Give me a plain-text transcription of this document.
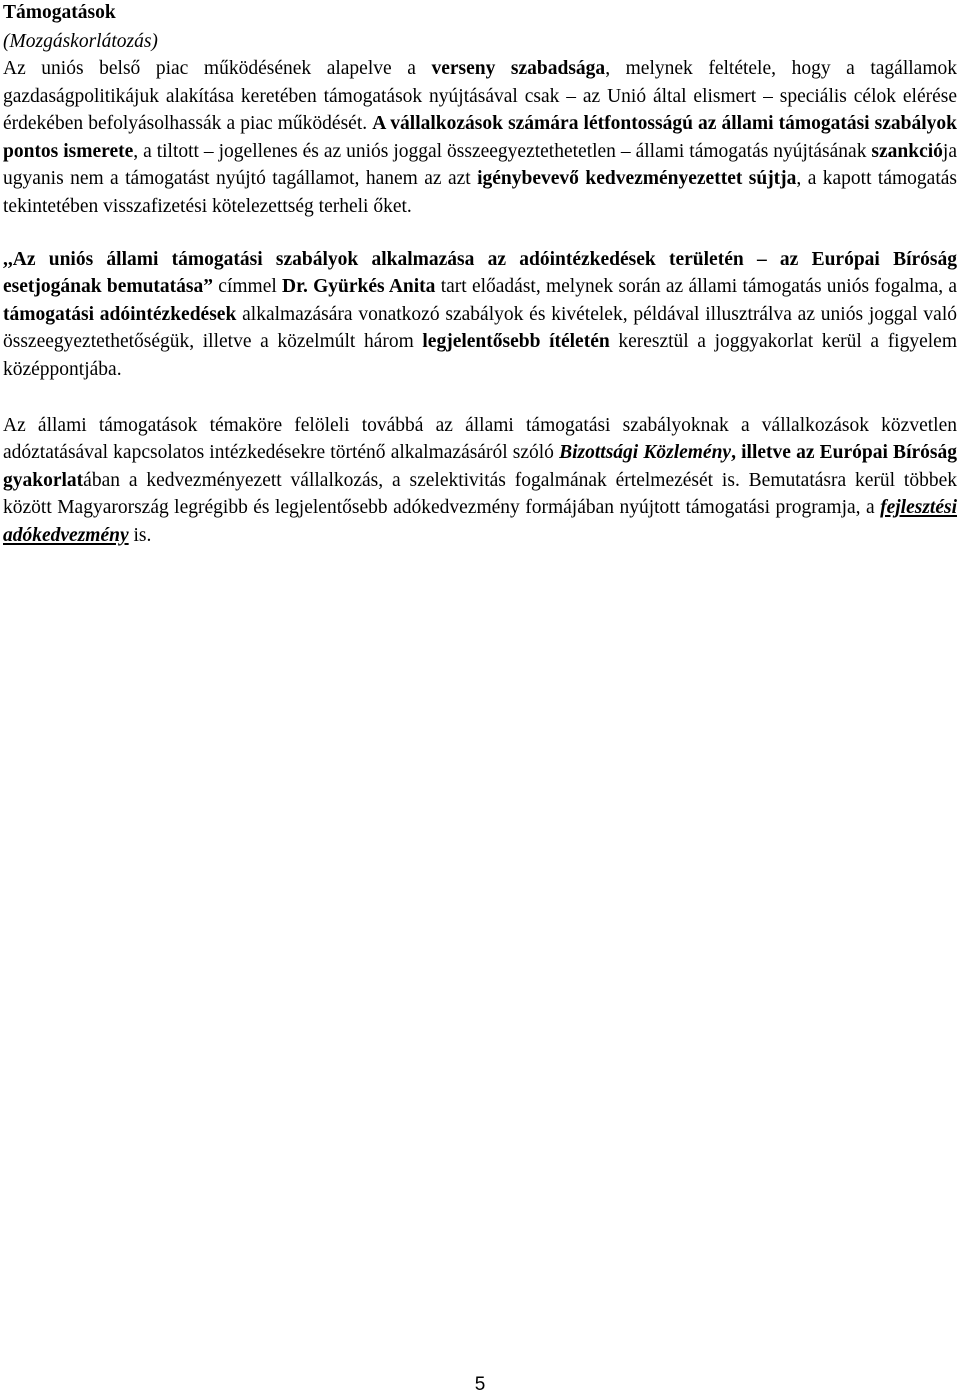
Támogatások
(Mozgáskorlátozás)

Az uniós belső piac működésének alapelve a verseny szabadsága, melynek feltétele, hogy a tagállamok gazdaságpolitikájuk alakítása keretében támogatások nyújtásával csak – az Unió által elismert – speciális célok elérése érdekében befolyásolhassák a piac működését. A vállalkozások számára létfontosságú az állami támogatási szabályok pontos ismerete, a tiltott – jogellenes és az uniós joggal összeegyeztethetetlen – állami támogatás nyújtásának szankciója ugyanis nem a támogatást nyújtó tagállamot, hanem az azt igénybevevő kedvezményezettet sújtja, a kapott támogatás tekintetében visszafizetési kötelezettség terheli őket.

,,Az uniós állami támogatási szabályok alkalmazása az adóintézkedések területén – az Európai Bíróság esetjogának bemutatása” címmel Dr. Gyürkés Anita tart előadást, melynek során az állami támogatás uniós fogalma, a támogatási adóintézkedések alkalmazására vonatkozó szabályok és kivételek, példával illusztrálva az uniós joggal való összeegyeztethetőségük, illetve a közelmúlt három legjelentősebb ítéletén keresztül a joggyakorlat kerül a figyelem középpontjába.

Az állami támogatások témaköre felöleli továbbá az állami támogatási szabályoknak a vállalkozások közvetlen adóztatásával kapcsolatos intézkedésekre történő alkalmazásáról szóló Bizottsági Közlemény, illetve az Európai Bíróság gyakorlatában a kedvezményezett vállalkozás, a szelektivitás fogalmának értelmezését is. Bemutatásra kerül többek között Magyarország legrégibb és legjelentősebb adókedvezmény formájában nyújtott támogatási programja, a fejlesztési adókedvezmény is.

5
